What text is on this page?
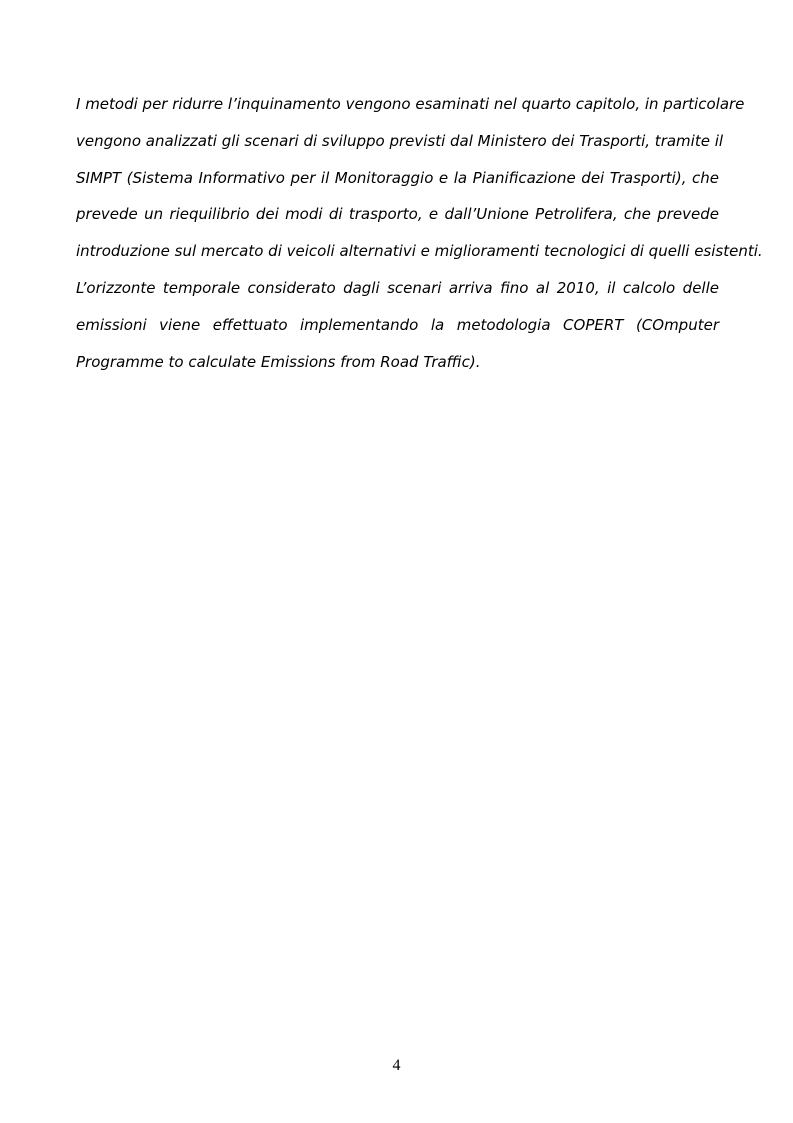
I metodi per ridurre l’inquinamento vengono esaminati nel quarto capitolo, in particolare
vengono analizzati gli scenari di sviluppo previsti dal Ministero dei Trasporti, tramite il
SIMPT (Sistema Informativo per il Monitoraggio e la Pianificazione dei Trasporti), che
prevede un riequilibrio dei modi di trasporto, e dall’Unione Petrolifera, che prevede
introduzione sul mercato di veicoli alternativi e miglioramenti tecnologici di quelli esistenti.
L’orizzonte temporale considerato dagli scenari arriva fino al 2010, il calcolo delle
emissioni viene effettuato implementando la metodologia COPERT (COmputer
Programme to calculate Emissions from Road Traffic).
4
